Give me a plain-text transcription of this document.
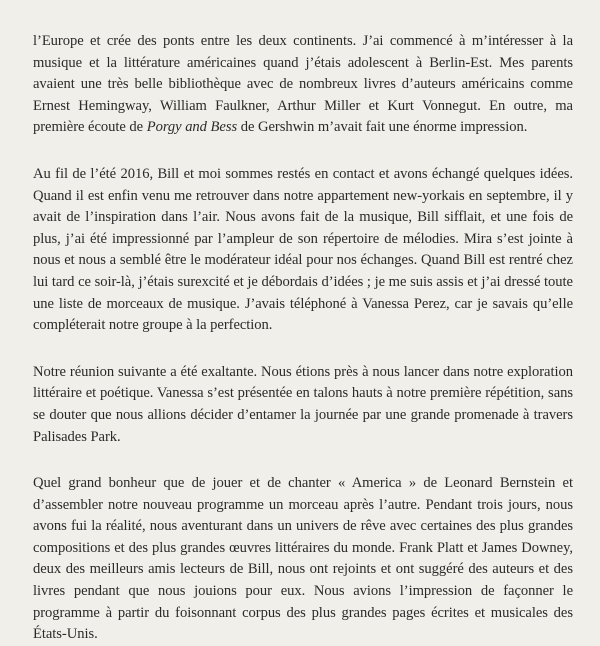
l’Europe et crée des ponts entre les deux continents. J’ai commencé à m’intéresser à la musique et la littérature américaines quand j’étais adolescent à Berlin-Est. Mes parents avaient une très belle bibliothèque avec de nombreux livres d’auteurs américains comme Ernest Hemingway, William Faulkner, Arthur Miller et Kurt Vonnegut. En outre, ma première écoute de Porgy and Bess de Gershwin m’avait fait une énorme impression.

Au fil de l’été 2016, Bill et moi sommes restés en contact et avons échangé quelques idées. Quand il est enfin venu me retrouver dans notre appartement new-yorkais en septembre, il y avait de l’inspiration dans l’air. Nous avons fait de la musique, Bill sifflait, et une fois de plus, j’ai été impressionné par l’ampleur de son répertoire de mélodies. Mira s’est jointe à nous et nous a semblé être le modérateur idéal pour nos échanges. Quand Bill est rentré chez lui tard ce soir-là, j’étais surexcité et je débordais d’idées ; je me suis assis et j’ai dressé toute une liste de morceaux de musique. J’avais téléphoné à Vanessa Perez, car je savais qu’elle compléterait notre groupe à la perfection.

Notre réunion suivante a été exaltante. Nous étions près à nous lancer dans notre exploration littéraire et poétique. Vanessa s’est présentée en talons hauts à notre première répétition, sans se douter que nous allions décider d’entamer la journée par une grande promenade à travers Palisades Park.

Quel grand bonheur que de jouer et de chanter « America » de Leonard Bernstein et d’assembler notre nouveau programme un morceau après l’autre. Pendant trois jours, nous avons fui la réalité, nous aventurant dans un univers de rêve avec certaines des plus grandes compositions et des plus grandes œuvres littéraires du monde. Frank Platt et James Downey, deux des meilleurs amis lecteurs de Bill, nous ont rejoints et ont suggéré des auteurs et des livres pendant que nous jouions pour eux. Nous avions l’impression de façonner le programme à partir du foisonnant corpus des plus grandes pages écrites et musicales des États-Unis.
